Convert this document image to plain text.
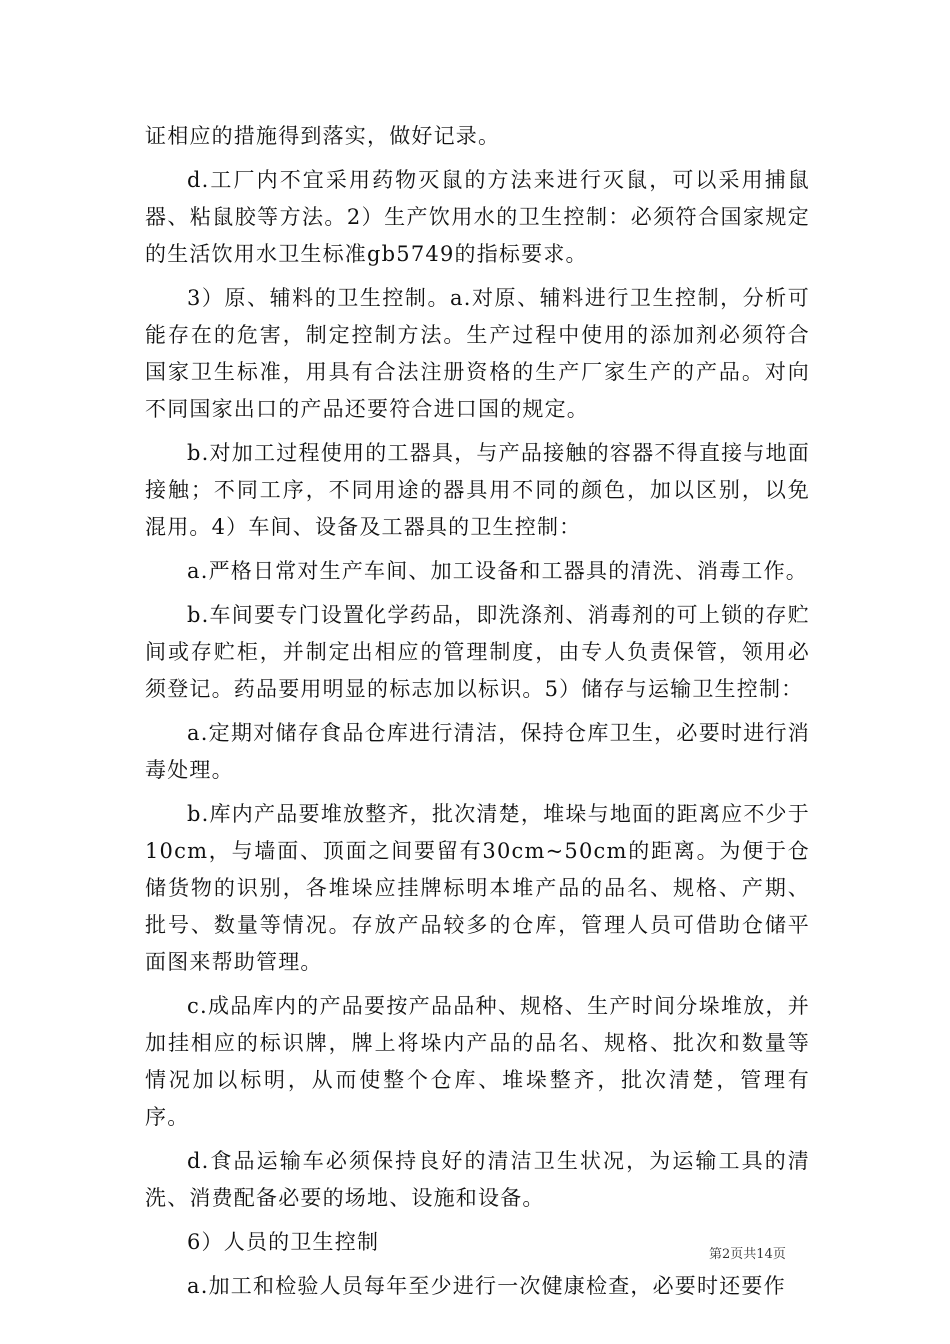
证相应的措施得到落实，做好记录。

d.工厂内不宜采用药物灭鼠的方法来进行灭鼠，可以采用捕鼠器、粘鼠胶等方法。2）生产饮用水的卫生控制：必须符合国家规定的生活饮用水卫生标准gb5749的指标要求。

3）原、辅料的卫生控制。a.对原、辅料进行卫生控制，分析可能存在的危害，制定控制方法。生产过程中使用的添加剂必须符合国家卫生标准，用具有合法注册资格的生产厂家生产的产品。对向不同国家出口的产品还要符合进口国的规定。

b.对加工过程使用的工器具，与产品接触的容器不得直接与地面接触；不同工序，不同用途的器具用不同的颜色，加以区别，以免混用。4）车间、设备及工器具的卫生控制：

a.严格日常对生产车间、加工设备和工器具的清洗、消毒工作。

b.车间要专门设置化学药品，即洗涤剂、消毒剂的可上锁的存贮间或存贮柜，并制定出相应的管理制度，由专人负责保管，领用必须登记。药品要用明显的标志加以标识。5）储存与运输卫生控制：

a.定期对储存食品仓库进行清洁，保持仓库卫生，必要时进行消毒处理。

b.库内产品要堆放整齐，批次清楚，堆垛与地面的距离应不少于10cm，与墙面、顶面之间要留有30cm~50cm的距离。为便于仓储货物的识别，各堆垛应挂牌标明本堆产品的品名、规格、产期、批号、数量等情况。存放产品较多的仓库，管理人员可借助仓储平面图来帮助管理。

c.成品库内的产品要按产品品种、规格、生产时间分垛堆放，并加挂相应的标识牌，牌上将垛内产品的品名、规格、批次和数量等情况加以标明，从而使整个仓库、堆垛整齐，批次清楚，管理有序。

d.食品运输车必须保持良好的清洁卫生状况，为运输工具的清洗、消费配备必要的场地、设施和设备。

6）人员的卫生控制

a.加工和检验人员每年至少进行一次健康检查，必要时还要作

第2页共14页
